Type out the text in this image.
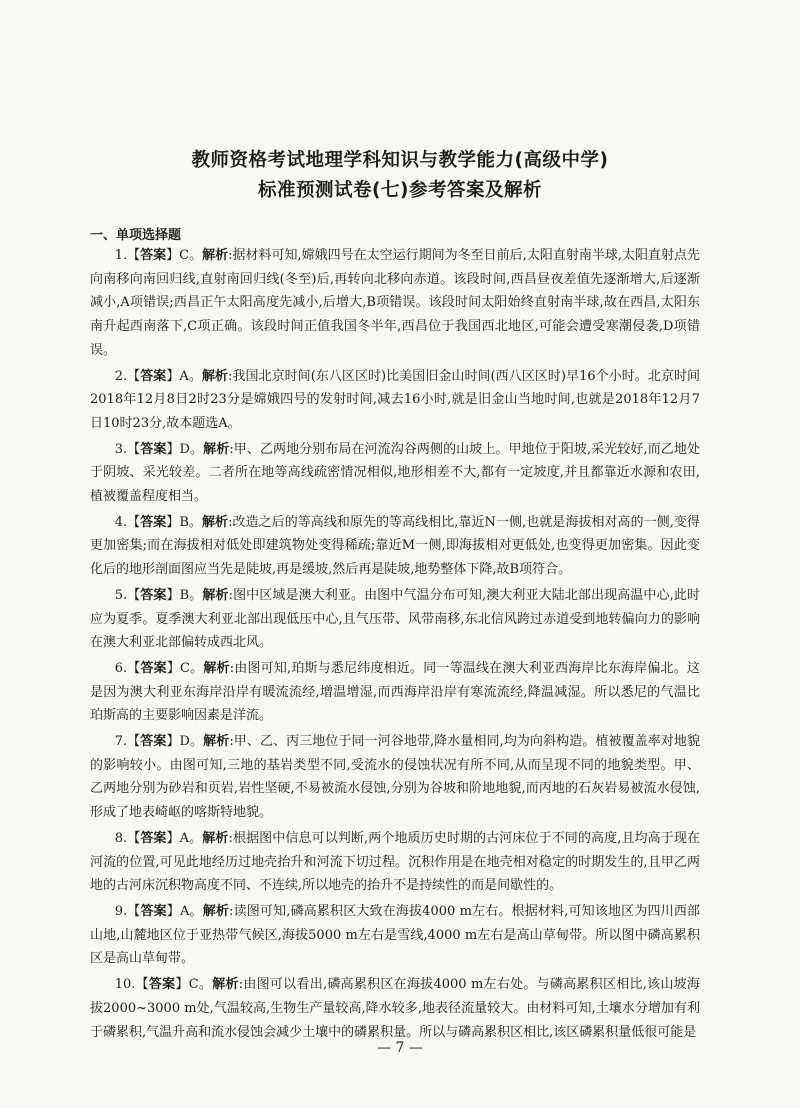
教师资格考试地理学科知识与教学能力(高级中学)
标准预测试卷(七)参考答案及解析
一、单项选择题

1.【答案】C。解析:据材料可知,嫦娥四号在太空运行期间为冬至日前后,太阳直射南半球,太阳直射点先向南移向南回归线,直射南回归线(冬至)后,再转向北移向赤道。该段时间,西昌昼夜差值先逐渐增大,后逐渐减小,A项错误;西昌正午太阳高度先减小,后增大,B项错误。该段时间太阳始终直射南半球,故在西昌,太阳东南升起西南落下,C项正确。该段时间正值我国冬半年,西昌位于我国西北地区,可能会遭受寒潮侵袭,D项错误。

2.【答案】A。解析:我国北京时间(东八区区时)比美国旧金山时间(西八区区时)早16个小时。北京时间2018年12月8日2时23分是嫦娥四号的发射时间,减去16小时,就是旧金山当地时间,也就是2018年12月7日10时23分,故本题选A。

3.【答案】D。解析:甲、乙两地分别布局在河流沟谷两侧的山坡上。甲地位于阳坡,采光较好,而乙地处于阴坡、采光较差。二者所在地等高线疏密情况相似,地形相差不大,都有一定坡度,并且都靠近水源和农田,植被覆盖程度相当。

4.【答案】B。解析:改造之后的等高线和原先的等高线相比,靠近N一侧,也就是海拔相对高的一侧,变得更加密集;而在海拔相对低处即建筑物处变得稀疏;靠近M一侧,即海拔相对更低处,也变得更加密集。因此变化后的地形剖面图应当先是陡坡,再是缓坡,然后再是陡坡,地势整体下降,故B项符合。

5.【答案】B。解析:图中区域是澳大利亚。由图中气温分布可知,澳大利亚大陆北部出现高温中心,此时应为夏季。夏季澳大利亚北部出现低压中心,且气压带、风带南移,东北信风跨过赤道受到地转偏向力的影响在澳大利亚北部偏转成西北风。

6.【答案】C。解析:由图可知,珀斯与悉尼纬度相近。同一等温线在澳大利亚西海岸比东海岸偏北。这是因为澳大利亚东海岸沿岸有暖流流经,增温增湿,而西海岸沿岸有寒流流经,降温减湿。所以悉尼的气温比珀斯高的主要影响因素是洋流。

7.【答案】D。解析:甲、乙、丙三地位于同一河谷地带,降水量相同,均为向斜构造。植被覆盖率对地貌的影响较小。由图可知,三地的基岩类型不同,受流水的侵蚀状况有所不同,从而呈现不同的地貌类型。甲、乙两地分别为砂岩和页岩,岩性坚硬,不易被流水侵蚀,分别为谷坡和阶地地貌,而丙地的石灰岩易被流水侵蚀,形成了地表崎岖的喀斯特地貌。

8.【答案】A。解析:根据图中信息可以判断,两个地质历史时期的古河床位于不同的高度,且均高于现在河流的位置,可见此地经历过地壳抬升和河流下切过程。沉积作用是在地壳相对稳定的时期发生的,且甲乙两地的古河床沉积物高度不同、不连续,所以地壳的抬升不是持续性的而是间歇性的。

9.【答案】A。解析:读图可知,磷高累积区大致在海拔4000 m左右。根据材料,可知该地区为四川西部山地,山麓地区位于亚热带气候区,海拔5000 m左右是雪线,4000 m左右是高山草甸带。所以图中磷高累积区是高山草甸带。

10.【答案】C。解析:由图可以看出,磷高累积区在海拔4000 m左右处。与磷高累积区相比,该山坡海拔2000~3000 m处,气温较高,生物生产量较高,降水较多,地表径流量较大。由材料可知,土壤水分增加有利于磷累积,气温升高和流水侵蚀会减少土壤中的磷累积量。所以与磷高累积区相比,该区磷累积量低很可能是

— 7 —
